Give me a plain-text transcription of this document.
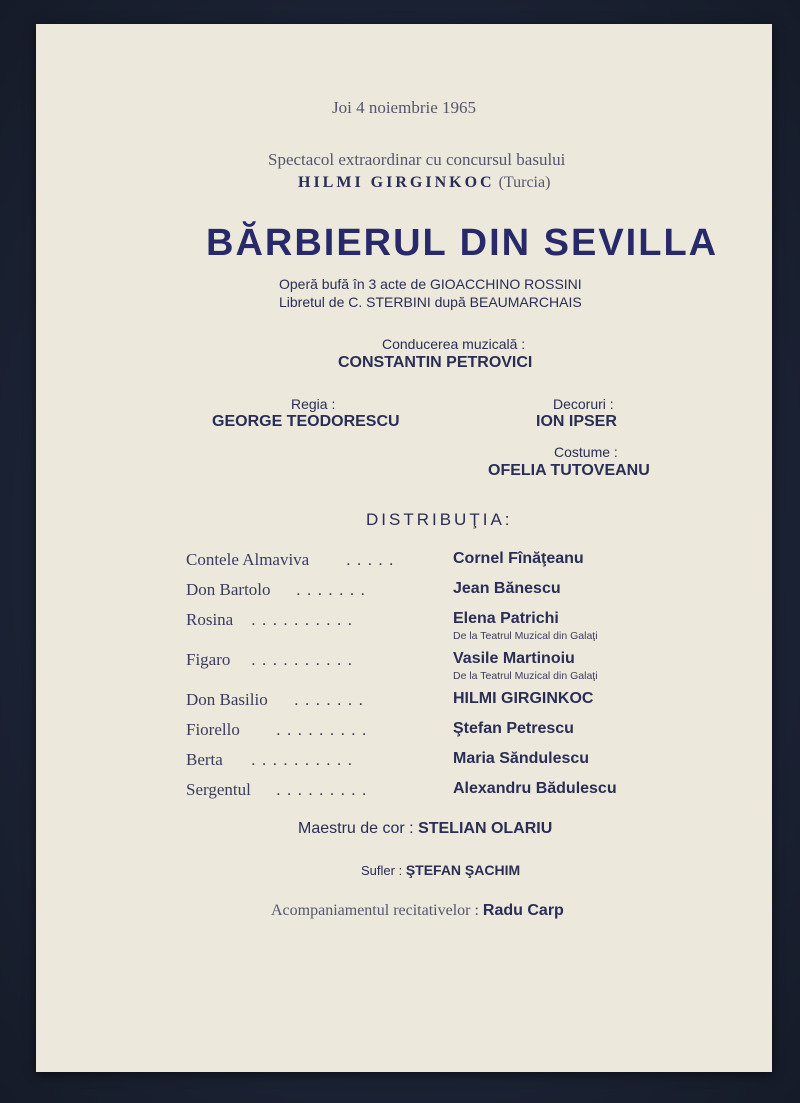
Joi 4 noiembrie 1965
Spectacol extraordinar cu concursul basului
HILMI GIRGINKOC (Turcia)
BĂRBIERUL DIN SEVILLA
Operă bufă în 3 acte de GIOACCHINO ROSSINI
Libretul de C. STERBINI după BEAUMARCHAIS
Conducerea muzicală :
CONSTANTIN PETROVICI
Regia :
GEORGE TEODORESCU
Decoruri :
ION IPSER
Costume :
OFELIA TUTOVEANU
DISTRIBUŢIA:
Contele Almaviva .....	Cornel Fînăţeanu
Don Bartolo .......	Jean Bănescu
Rosina ..........	Elena Patrichi
De la Teatrul Muzical din Galaţi
Figaro ..........	Vasile Martinoiu
De la Teatrul Muzical din Galaţi
Don Basilio .......	HILMI GIRGINKOC
Fiorello .........	Ştefan Petrescu
Berta ..........	Maria Săndulescu
Sergentul .........	Alexandru Bădulescu
Maestru de cor : STELIAN OLARIU
Sufler : ŞTEFAN ŞACHIM
Acompaniamentul recitativelor : Radu Carp
